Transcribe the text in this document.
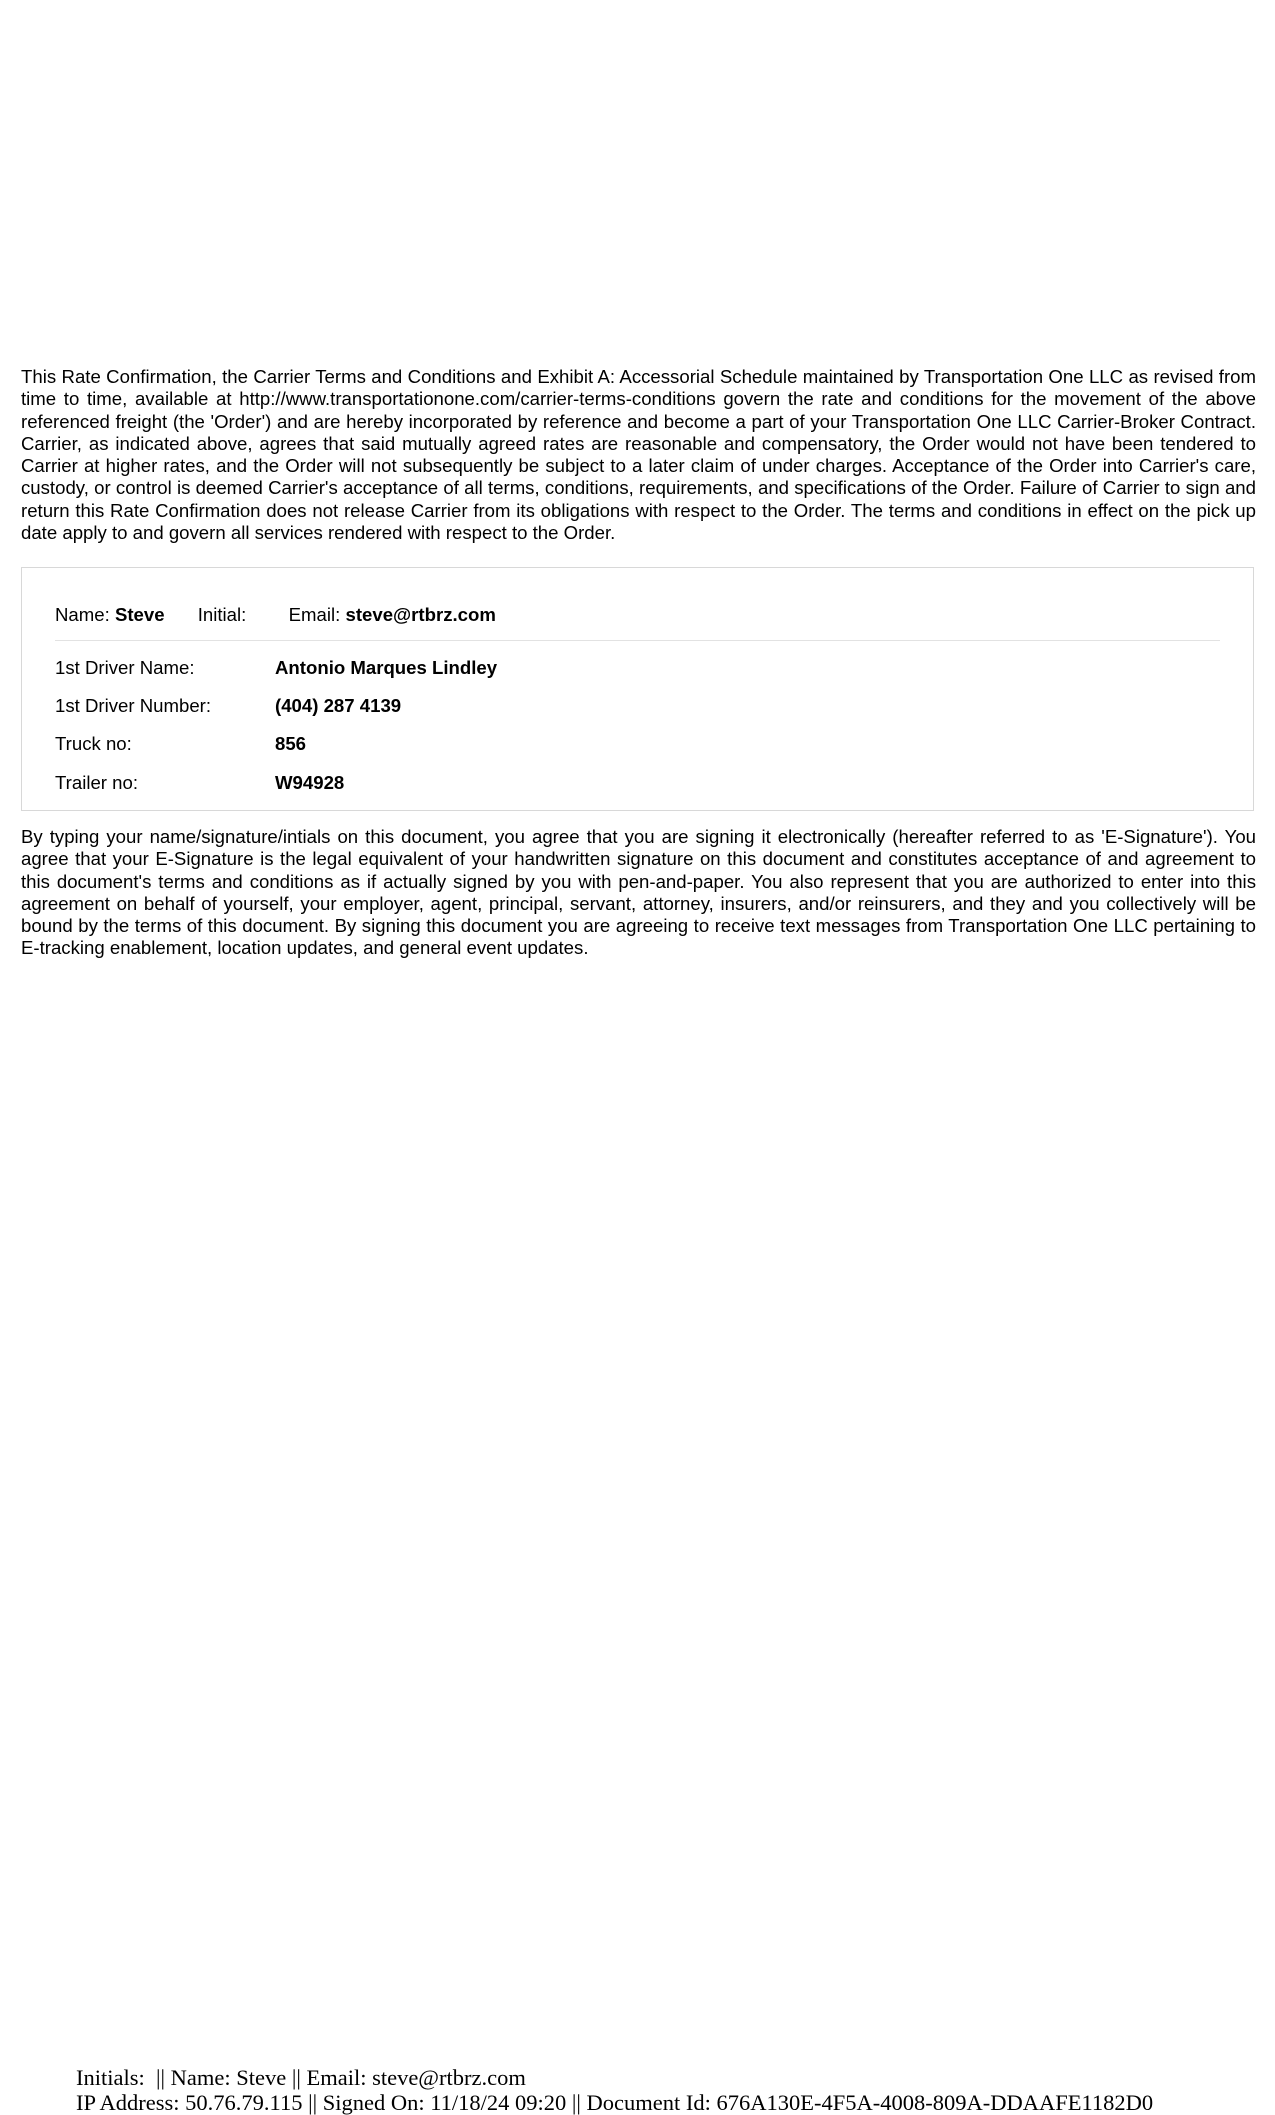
This Rate Confirmation, the Carrier Terms and Conditions and Exhibit A: Accessorial Schedule maintained by Transportation One LLC as revised from time to time, available at http://www.transportationone.com/carrier-terms-conditions govern the rate and conditions for the movement of the above referenced freight (the 'Order') and are hereby incorporated by reference and become a part of your Transportation One LLC Carrier-Broker Contract. Carrier, as indicated above, agrees that said mutually agreed rates are reasonable and compensatory, the Order would not have been tendered to Carrier at higher rates, and the Order will not subsequently be subject to a later claim of under charges. Acceptance of the Order into Carrier's care, custody, or control is deemed Carrier's acceptance of all terms, conditions, requirements, and specifications of the Order. Failure of Carrier to sign and return this Rate Confirmation does not release Carrier from its obligations with respect to the Order. The terms and conditions in effect on the pick up date apply to and govern all services rendered with respect to the Order.

Name: Steve Initial: Email: steve@rtbrz.com
1st Driver Name:	Antonio Marques Lindley
1st Driver Number:	(404) 287 4139
Truck no:	856
Trailer no:	W94928

By typing your name/signature/intials on this document, you agree that you are signing it electronically (hereafter referred to as 'E-Signature'). You agree that your E-Signature is the legal equivalent of your handwritten signature on this document and constitutes acceptance of and agreement to this document's terms and conditions as if actually signed by you with pen-and-paper. You also represent that you are authorized to enter into this agreement on behalf of yourself, your employer, agent, principal, servant, attorney, insurers, and/or reinsurers, and they and you collectively will be bound by the terms of this document. By signing this document you are agreeing to receive text messages from Transportation One LLC pertaining to E-tracking enablement, location updates, and general event updates.

Initials:  || Name: Steve || Email: steve@rtbrz.com
IP Address: 50.76.79.115 || Signed On: 11/18/24 09:20 || Document Id: 676A130E-4F5A-4008-809A-DDAAFE1182D0
